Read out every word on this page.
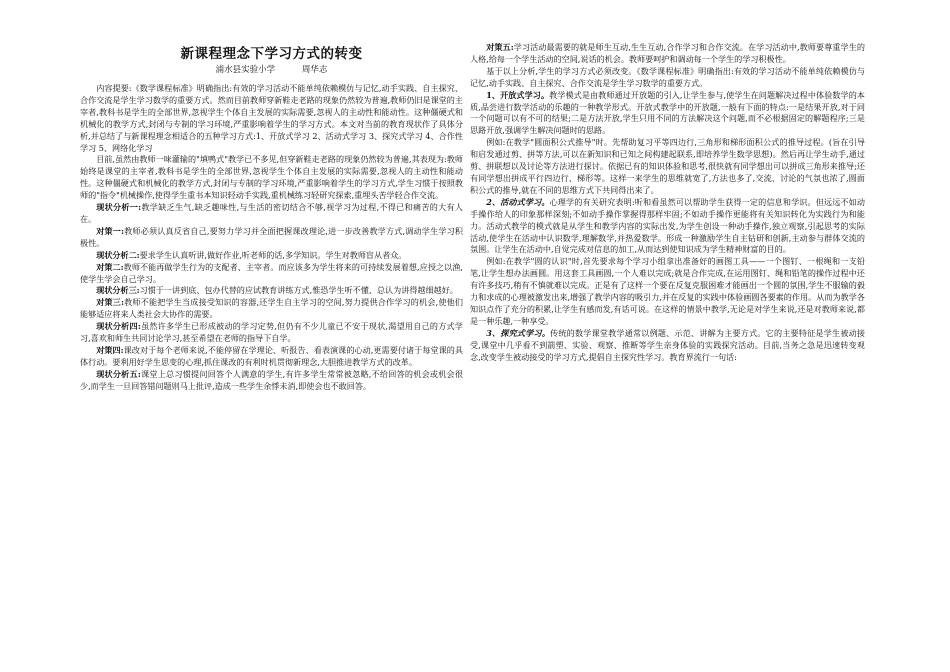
新课程理念下学习方式的转变
浦水县实验小学	周华志

内容提要:《数学课程标准》明确指出:有效的学习活动不能单纯依赖模仿与记忆,动手实践、自主探究、合作交流是学生学习数学的重要方式。然而目前教师穿新鞋走老路的现象仍然较为普遍,教师仍旧是课堂的主宰者,教科书是学生的全部世界,忽视学生个体自主发展的实际需要,忽视人的主动性和能动性。这种僵硬式和机械化的教学方式,封闭与专制的学习环境,严重影响着学生的学习方式。本文对当前的教育现状作了具体分析,并总结了与新课程理念相适合的五种学习方式:1、开放式学习 2、活动式学习 3、探究式学习 4、合作性学习 5、网络化学习

目前,虽然由教师一味灌输的"填鸭式"教学已不多见,但穿新鞋走老路的现象仍然较为普遍,其表现为:教师始终是课堂的主宰者,教科书是学生的全部世界,忽视学生个体自主发展的实际需要,忽视人的主动性和能动性。这种僵硬式和机械化的教学方式,封闭与专制的学习环境,严重影响着学生的学习方式,学生习惯于按照教师的"指令"机械操作,使得学生重书本知识轻动手实践,重机械练习轻研究探索,重埋头苦学轻合作交流。

现状分析一:教学缺乏生气,缺乏趣味性,与生活的密切结合不够,视学习为过程,不得已和痛苦的大有人在。

对策一:教师必须认真反省自己,要努力学习并全面把握课改理论,进一步改善教学方式,调动学生学习积极性。

现状分析二:要求学生认真听讲,做好作业,听老师的话,多学知识。学生对教师盲从者众。

对策二:教师不能再做学生行为的支配者、主宰者。而应该多为学生将来的可持续发展着想,应授之以渔,使学生学会自己学习。

现状分析三:习惯于一讲到底、包办代替的应试教育讲练方式,惟恐学生听不懂、总认为讲得越细越好。

对策三:教师不能把学生当成接受知识的容器,还学生自主学习的空间,努力提供合作学习的机会,使他们能够适应将来人类社会大协作的需要。

现状分析四:虽然许多学生已形成被动的学习定势,但仍有不少儿童已不安于现状,渴望用自己的方式学习,喜欢和师生共同讨论学习,甚至希望在老师的指导下自学。

对策四:课改对于每个老师来说,不能停留在学理论、听报告、看表演课的心动,更需要付诸于每堂课的具体行动。要利用好学生思变的心理,抓住课改的有利时机贯彻新理念,大胆推进教学方式的改革。

现状分析五:课堂上总习惯提问回答个人满意的学生,有许多学生常常被忽略,不给回答的机会或机会很少,而学生一旦回答错问题则马上批评,造成一些学生余悸未消,即使会也不敢回答。

对策五:学习活动最需要的就是师生互动,生生互动,合作学习和合作交流。在学习活动中,教师要尊重学生的人格,给每一个学生活动的空间,说话的机会。教师要呵护和调动每一个学生的学习积极性。

基于以上分析,学生的学习方式必须改变。《数学课程标准》明确指出:有效的学习活动不能单纯依赖模仿与记忆,动手实践、自主探究、合作交流是学生学习数学的重要方式。

1、开放式学习。教学模式是由教师通过开放题的引入,让学生参与,使学生在问题解决过程中体验数学的本质,品尝进行数学活动的乐趣的一种教学形式。开放式教学中的开放题,一般有下面的特点:一是结果开放,对于同一个问题可以有不可的结果;二是方法开放,学生只用不同的方法解决这个问题,而不必根据固定的解题程序;三是思路开放,强调学生解决问题时的思路。

例如:在教学"圆面积公式推导"时。先帮助复习平等四边行,三角形和梯形面积公式的推导过程。(旨在引导和启发通过剪、拼等方法,可以在新知识和已知之间构建起联系,即培养学生数学思想)。然后再让学生动手,通过剪、拼联想以及讨论等方法进行探讨。依据已有的知识体验和思考,很快就有同学想出可以拼成三角形来推导;还有同学想出拼成平行四边行、梯形等。这样一来学生的思维就宽了,方法也多了,交流、讨论的气氛也浓了,圆面积公式的推导,就在不同的思维方式下共同得出来了。

2、活动式学习。心理学的有关研究表明:听和看虽然可以帮助学生获得一定的信息和学识。但远远不如动手操作给人的印象那样深刻;不如动手操作掌握得那样牢固;不如动手操作更能将有关知识转化为实践行为和能力。活动式教学的模式就是从学生和教学内容的实际出发,为学生创设一种动手操作,独立观察,引起思考的实际活动,使学生在活动中认识数学,理解数学,并热爱数学。形成一种激励学生自主钻研和创新,主动参与群体交流的氛围。让学生在活动中,自觉完成对信息的加工,从而达到使知识成为学生精神财富的目的。

例如:在教学"圆的认识"时,首先要求每个学习小组拿出准备好的画图工具——一个图钉、一根绳和一支铅笔,让学生想办法画圆。用这套工具画圆,一个人难以完成;就是合作完成,在运用图钉、绳和铅笔的操作过程中还有许多技巧,稍有不慎就难以完成。正是有了这样一个要在反复克服困难才能画出一个圆的氛围,学生不服输的毅力和求成的心理被激发出来,增强了教学内容的吸引力,并在反复的实践中体验画圆各要素的作用。从而为教学各知识点作了充分的积累,让学生有感而发,有话可说。在这样的情景中教学,无论是对学生来说,还是对教师来说,都是一种乐趣,一种享受。

3、探究式学习。传统的数学课堂教学通常以例题、示范、讲解为主要方式。它的主要特征是学生被动接受,课堂中几乎看不到箭塑、实验、观察、推断等学生亲身体验的实践探究活动。目前,当务之急是迅速转变观念,改变学生被动接受的学习方式,提倡自主探究性学习。教育界流行一句话:
